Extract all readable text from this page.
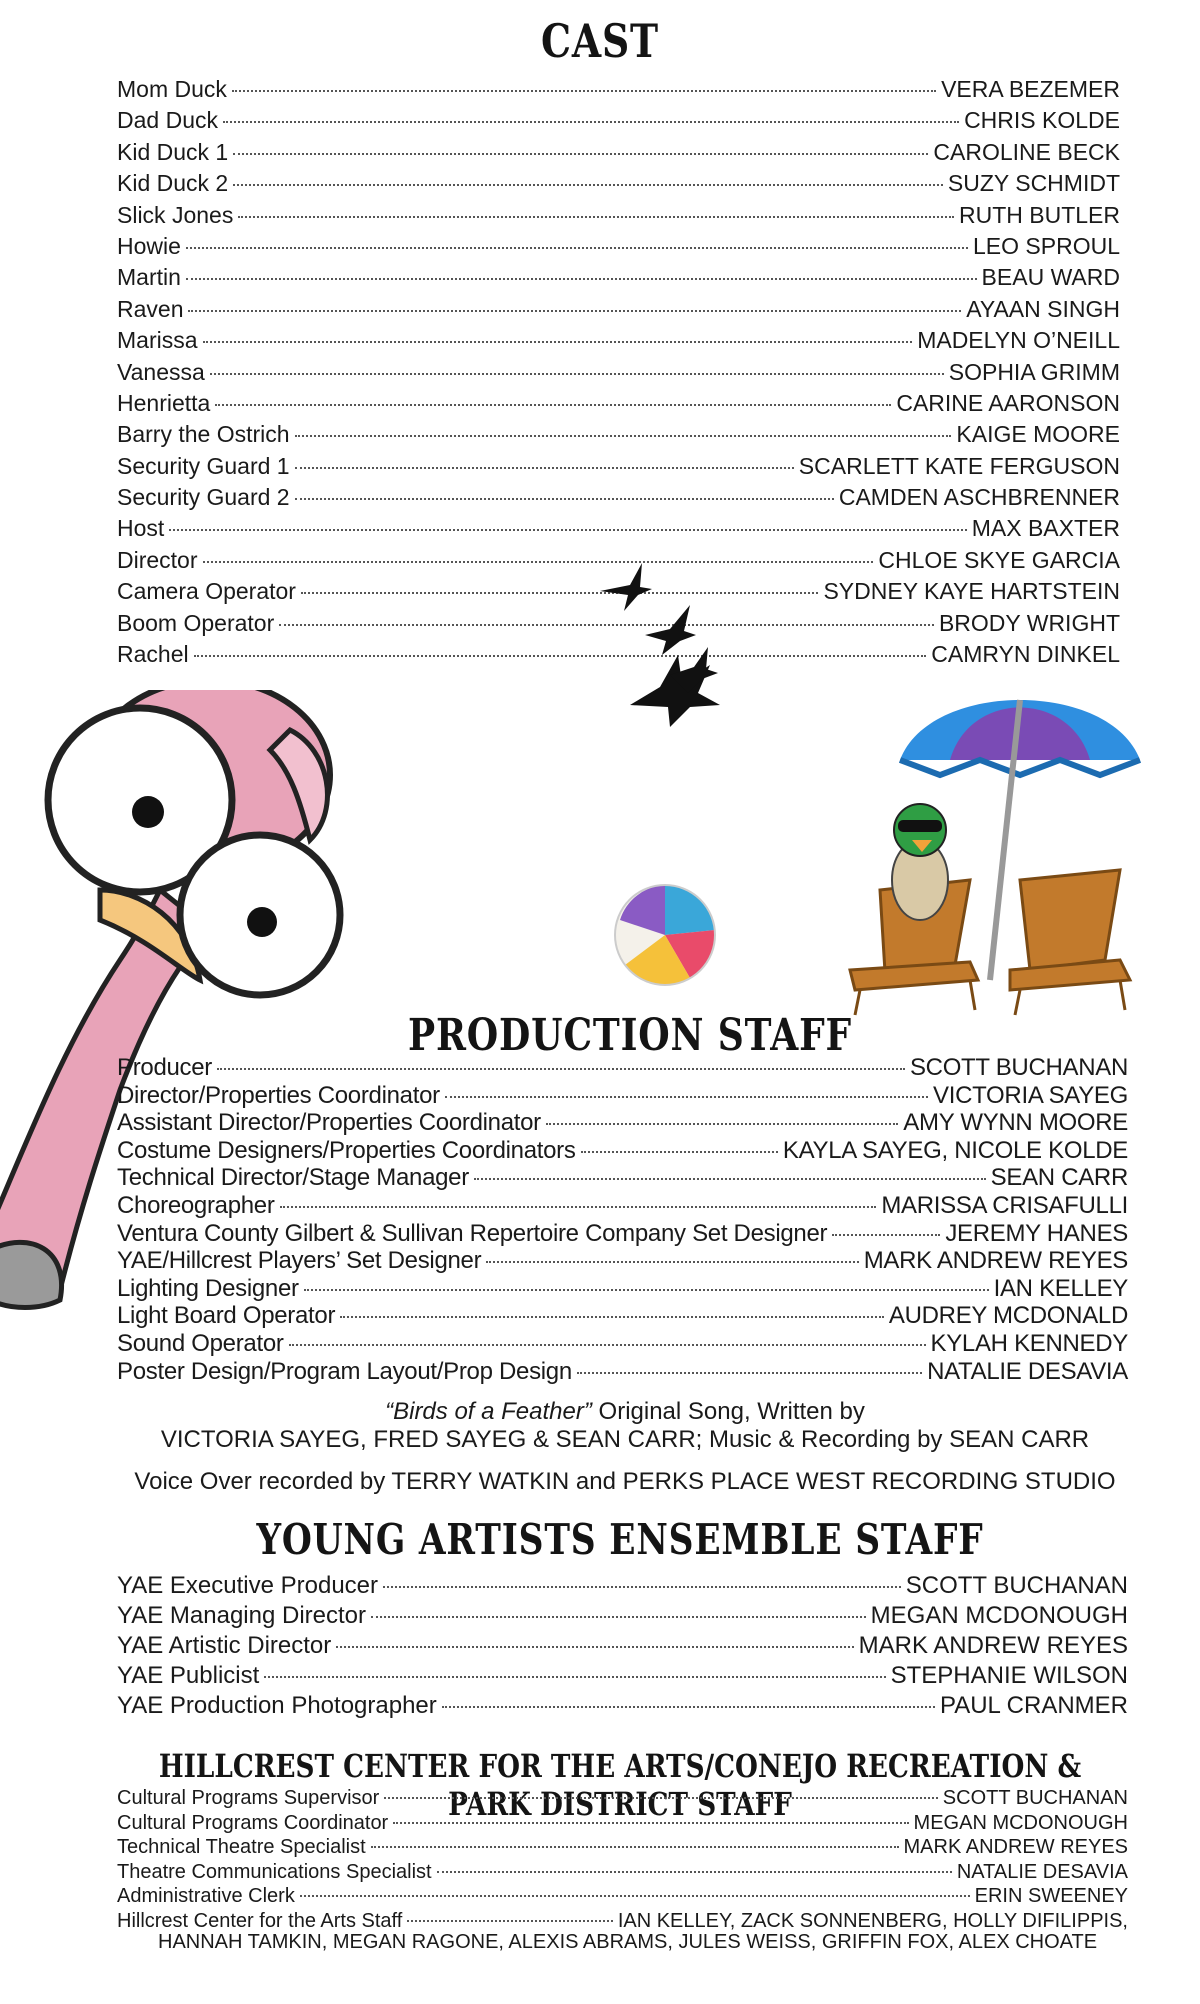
CAST
Mom Duck	VERA BEZEMER
Dad Duck	CHRIS KOLDE
Kid Duck 1	CAROLINE BECK
Kid Duck 2	SUZY SCHMIDT
Slick Jones	RUTH BUTLER
Howie	LEO SPROUL
Martin	BEAU WARD
Raven	AYAAN SINGH
Marissa	MADELYN O’NEILL
Vanessa	SOPHIA GRIMM
Henrietta	CARINE AARONSON
Barry the Ostrich	KAIGE MOORE
Security Guard 1	SCARLETT KATE FERGUSON
Security Guard 2	CAMDEN ASCHBRENNER
Host	MAX BAXTER
Director	CHLOE SKYE GARCIA
Camera Operator	SYDNEY KAYE HARTSTEIN
Boom Operator	BRODY WRIGHT
Rachel	CAMRYN DINKEL
PRODUCTION STAFF
Producer	SCOTT BUCHANAN
Director/Properties Coordinator	VICTORIA SAYEG
Assistant Director/Properties Coordinator	AMY WYNN MOORE
Costume Designers/Properties Coordinators	KAYLA SAYEG, NICOLE KOLDE
Technical Director/Stage Manager	SEAN CARR
Choreographer	MARISSA CRISAFULLI
Ventura County Gilbert & Sullivan Repertoire Company Set Designer	JEREMY HANES
YAE/Hillcrest Players’ Set Designer	MARK ANDREW REYES
Lighting Designer	IAN KELLEY
Light Board Operator	AUDREY MCDONALD
Sound Operator	KYLAH KENNEDY
Poster Design/Program Layout/Prop Design	NATALIE DESAVIA
“Birds of a Feather” Original Song, Written by
VICTORIA SAYEG, FRED SAYEG & SEAN CARR; Music & Recording by SEAN CARR
Voice Over recorded by TERRY WATKIN and PERKS PLACE WEST RECORDING STUDIO
YOUNG ARTISTS ENSEMBLE STAFF
YAE Executive Producer	SCOTT BUCHANAN
YAE Managing Director	MEGAN MCDONOUGH
YAE Artistic Director	MARK ANDREW REYES
YAE Publicist	STEPHANIE WILSON
YAE Production Photographer	PAUL CRANMER
HILLCREST CENTER FOR THE ARTS/CONEJO RECREATION & PARK DISTRICT STAFF
Cultural Programs Supervisor	SCOTT BUCHANAN
Cultural Programs Coordinator	MEGAN MCDONOUGH
Technical Theatre Specialist	MARK ANDREW REYES
Theatre Communications Specialist	NATALIE DESAVIA
Administrative Clerk	ERIN SWEENEY
Hillcrest Center for the Arts Staff	IAN KELLEY, ZACK SONNENBERG, HOLLY DIFILIPPIS,
HANNAH TAMKIN, MEGAN RAGONE, ALEXIS ABRAMS, JULES WEISS, GRIFFIN FOX, ALEX CHOATE
